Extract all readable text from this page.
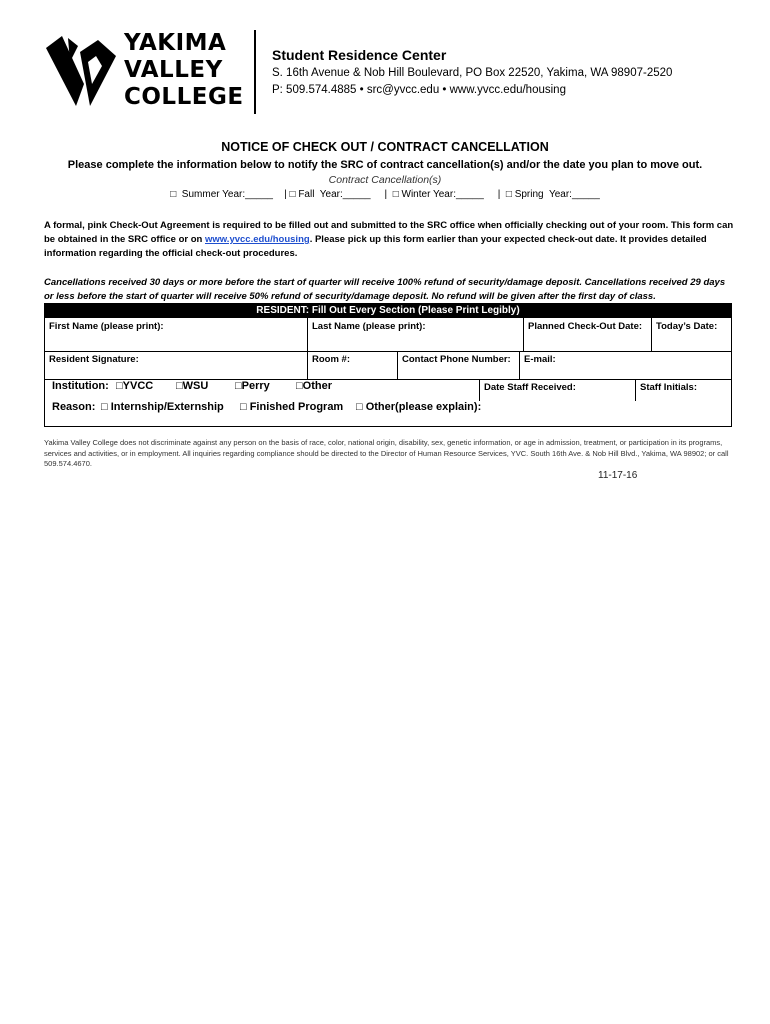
YAKIMA
VALLEY
COLLEGE
Student Residence Center
S. 16th Avenue & Nob Hill Boulevard, PO Box 22520, Yakima, WA 98907-2520
P: 509.574.4885 • src@yvcc.edu • www.yvcc.edu/housing
NOTICE OF CHECK OUT / CONTRACT CANCELLATION
Please complete the information below to notify the SRC of contract cancellation(s) and/or the date you plan to move out.
Contract Cancellation(s)
□  Summer Year:_____ | □ Fall  Year:_____ | □ Winter Year:_____ | □ Spring  Year:_____
A formal, pink Check-Out Agreement is required to be filled out and submitted to the SRC office when officially checking out of your room. This form can be obtained in the SRC office or on www.yvcc.edu/housing. Please pick up this form earlier than your expected check-out date. It provides detailed information regarding the official check-out procedures.
Cancellations received 30 days or more before the start of quarter will receive 100% refund of security/damage deposit. Cancellations received 29 days or less before the start of quarter will receive 50% refund of security/damage deposit. No refund will be given after the first day of class.
RESIDENT: Fill Out Every Section (Please Print Legibly)
First Name (please print):	Last Name (please print):	Planned Check-Out Date:	Today’s Date:
Resident Signature:	Room #:	Contact Phone Number:	E-mail:
Date Staff Received:	Staff Initials:
Institution: □YVCC □WSU □Perry □Other
Reason: □ Internship/Externship □ Finished Program □ Other(please explain):
Yakima Valley College does not discriminate against any person on the basis of race, color, national origin, disability, sex, genetic information, or age in admission, treatment, or participation in its programs, services and activities, or in employment. All inquiries regarding compliance should be directed to the Director of Human Resource Services, YVC. South 16th Ave. & Nob Hill Blvd., Yakima, WA 98902; or call 509.574.4670.
11-17-16
